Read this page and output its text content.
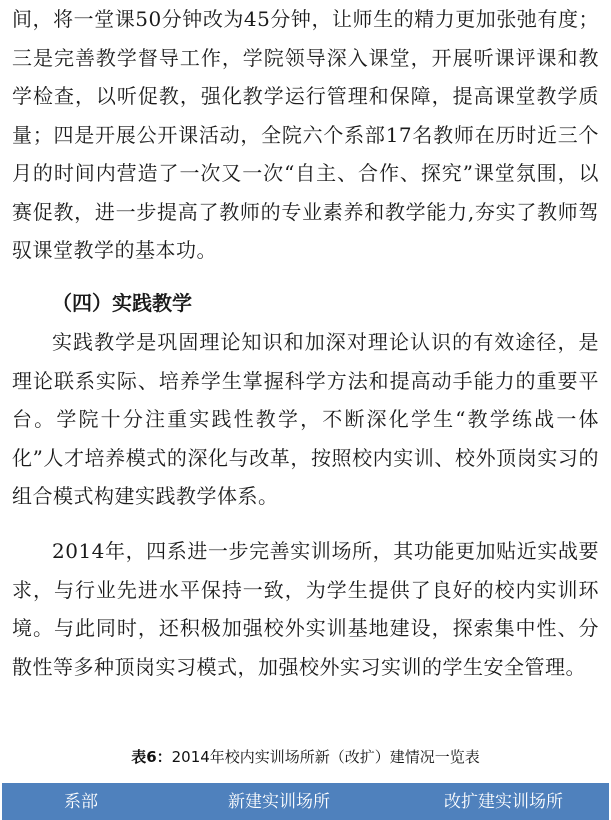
间，将一堂课50分钟改为45分钟，让师生的精力更加张弛有度；三是完善教学督导工作，学院领导深入课堂，开展听课评课和教学检查，以听促教，强化教学运行管理和保障，提高课堂教学质量；四是开展公开课活动，全院六个系部17名教师在历时近三个月的时间内营造了一次又一次“自主、合作、探究”课堂氛围，以赛促教，进一步提高了教师的专业素养和教学能力,夯实了教师驾驭课堂教学的基本功。

（四）实践教学

实践教学是巩固理论知识和加深对理论认识的有效途径，是理论联系实际、培养学生掌握科学方法和提高动手能力的重要平台。学院十分注重实践性教学，不断深化学生“教学练战一体化”人才培养模式的深化与改革，按照校内实训、校外顶岗实习的组合模式构建实践教学体系。

2014年，四系进一步完善实训场所，其功能更加贴近实战要求，与行业先进水平保持一致，为学生提供了良好的校内实训环境。与此同时，还积极加强校外实训基地建设，探索集中性、分散性等多种顶岗实习模式，加强校外实习实训的学生安全管理。

表6：2014年校内实训场所新（改扩）建情况一览表
系部	新建实训场所	改扩建实训场所
